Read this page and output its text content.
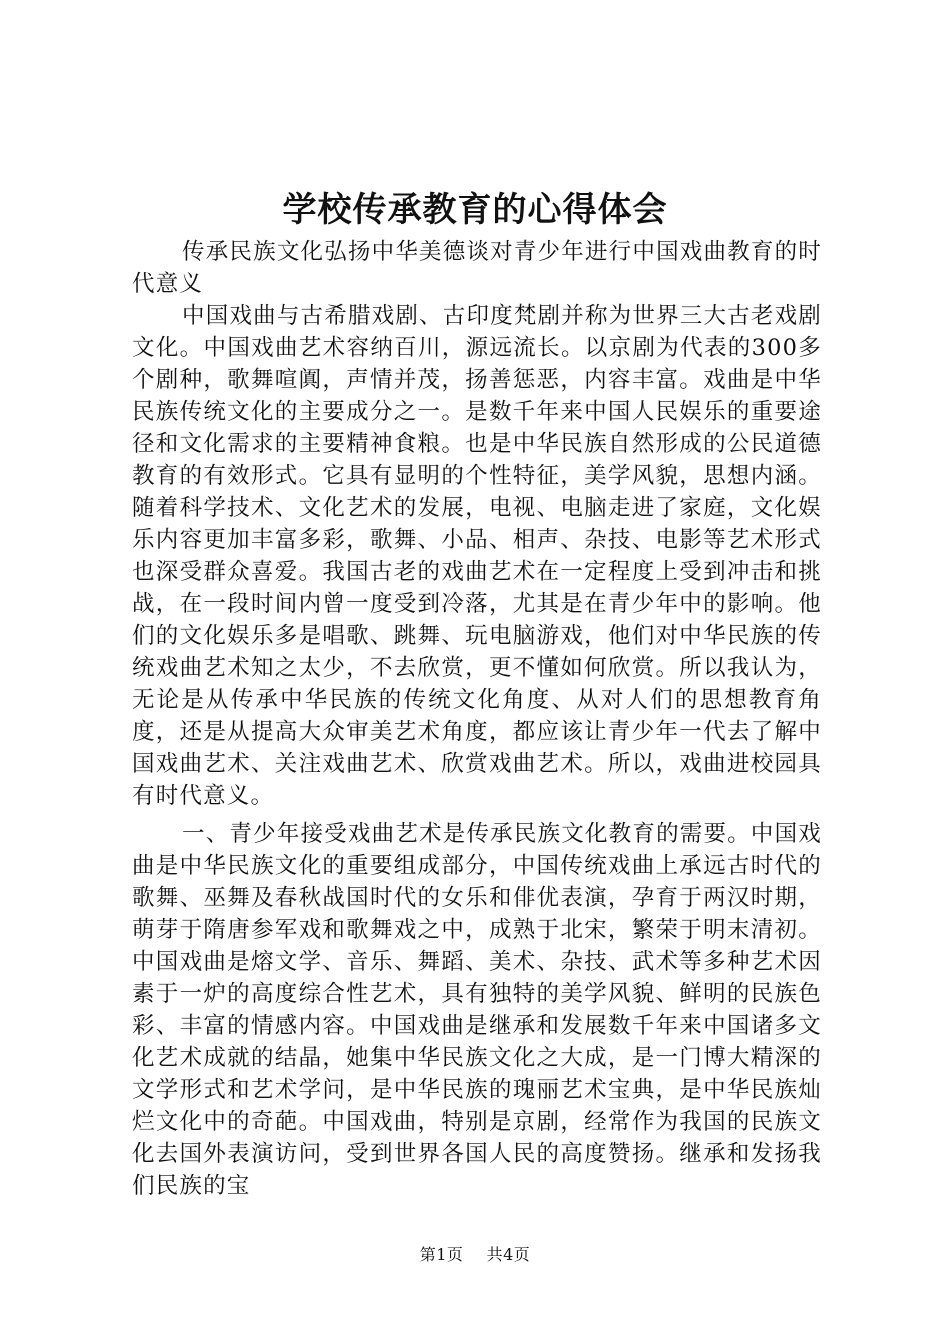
学校传承教育的心得体会

传承民族文化弘扬中华美德谈对青少年进行中国戏曲教育的时代意义

中国戏曲与古希腊戏剧、古印度梵剧并称为世界三大古老戏剧文化。中国戏曲艺术容纳百川，源远流长。以京剧为代表的300多个剧种，歌舞喧阗，声情并茂，扬善惩恶，内容丰富。戏曲是中华民族传统文化的主要成分之一。是数千年来中国人民娱乐的重要途径和文化需求的主要精神食粮。也是中华民族自然形成的公民道德教育的有效形式。它具有显明的个性特征，美学风貌，思想内涵。随着科学技术、文化艺术的发展，电视、电脑走进了家庭，文化娱乐内容更加丰富多彩，歌舞、小品、相声、杂技、电影等艺术形式也深受群众喜爱。我国古老的戏曲艺术在一定程度上受到冲击和挑战，在一段时间内曾一度受到冷落，尤其是在青少年中的影响。他们的文化娱乐多是唱歌、跳舞、玩电脑游戏，他们对中华民族的传统戏曲艺术知之太少，不去欣赏，更不懂如何欣赏。所以我认为，无论是从传承中华民族的传统文化角度、从对人们的思想教育角度，还是从提高大众审美艺术角度，都应该让青少年一代去了解中国戏曲艺术、关注戏曲艺术、欣赏戏曲艺术。所以，戏曲进校园具有时代意义。

一、青少年接受戏曲艺术是传承民族文化教育的需要。中国戏曲是中华民族文化的重要组成部分，中国传统戏曲上承远古时代的歌舞、巫舞及春秋战国时代的女乐和俳优表演，孕育于两汉时期，萌芽于隋唐参军戏和歌舞戏之中，成熟于北宋，繁荣于明末清初。中国戏曲是熔文学、音乐、舞蹈、美术、杂技、武术等多种艺术因素于一炉的高度综合性艺术，具有独特的美学风貌、鲜明的民族色彩、丰富的情感内容。中国戏曲是继承和发展数千年来中国诸多文化艺术成就的结晶，她集中华民族文化之大成，是一门博大精深的文学形式和艺术学问，是中华民族的瑰丽艺术宝典，是中华民族灿烂文化中的奇葩。中国戏曲，特别是京剧，经常作为我国的民族文化去国外表演访问，受到世界各国人民的高度赞扬。继承和发扬我们民族的宝

第1页 共4页
